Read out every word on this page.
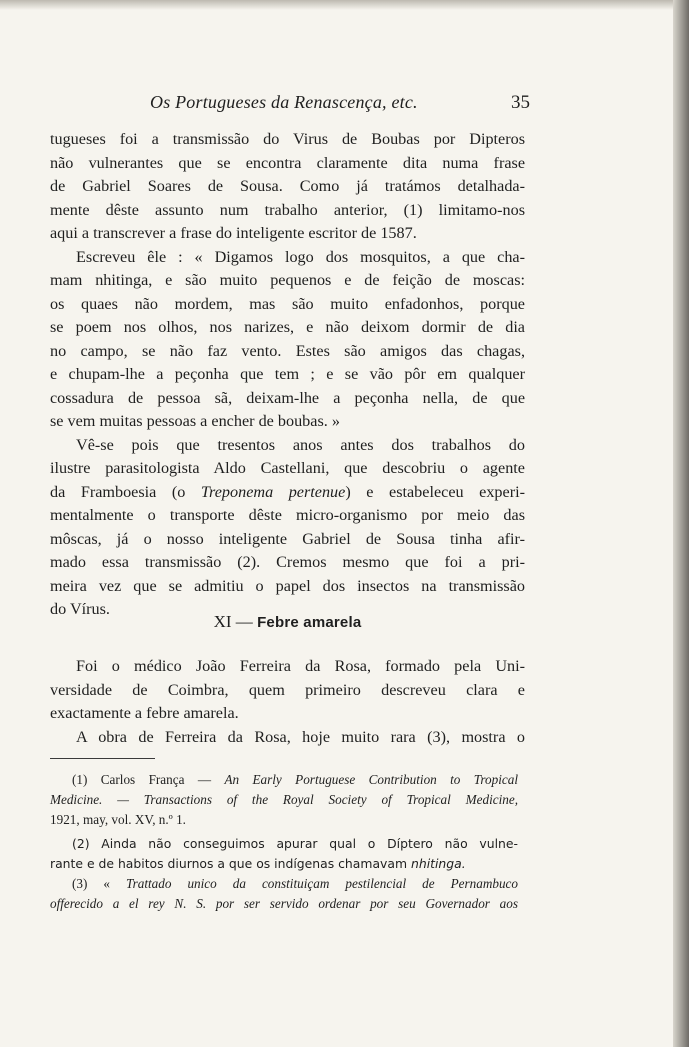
Os Portugueses da Renascença, etc.	35
tugueses foi a transmissão do Virus de Boubas por Dipteros
não vulnerantes que se encontra claramente dita numa frase
de Gabriel Soares de Sousa. Como já tratámos detalhada-
mente dêste assunto num trabalho anterior, (1) limitamo-nos
aqui a transcrever a frase do inteligente escritor de 1587.
Escreveu êle : « Digamos logo dos mosquitos, a que cha-
mam nhitinga, e são muito pequenos e de feição de moscas:
os quaes não mordem, mas são muito enfadonhos, porque
se poem nos olhos, nos narizes, e não deixom dormir de dia
no campo, se não faz vento. Estes são amigos das chagas,
e chupam-lhe a peçonha que tem ; e se vão pôr em qualquer
cossadura de pessoa sã, deixam-lhe a peçonha nella, de que
se vem muitas pessoas a encher de boubas. »
Vê-se pois que tresentos anos antes dos trabalhos do
ilustre parasitologista Aldo Castellani, que descobriu o agente
da Framboesia (o Treponema pertenue) e estabeleceu experi-
mentalmente o transporte dêste micro-organismo por meio das
môscas, já o nosso inteligente Gabriel de Sousa tinha afir-
mado essa transmissão (2). Cremos mesmo que foi a pri-
meira vez que se admitiu o papel dos insectos na transmissão
do Vírus.
XI — Febre amarela
Foi o médico João Ferreira da Rosa, formado pela Uni-
versidade de Coimbra, quem primeiro descreveu clara e
exactamente a febre amarela.
A obra de Ferreira da Rosa, hoje muito rara (3), mostra o
(1) Carlos França — An Early Portuguese Contribution to Tropical
Medicine. — Transactions of the Royal Society of Tropical Medicine,
1921, may, vol. XV, n.º 1.
(2) Ainda não conseguimos apurar qual o Díptero não vulne-
rante e de habitos diurnos a que os indígenas chamavam nhitinga.
(3) « Trattado unico da constituiçam pestilencial de Pernambuco
offerecido a el rey N. S. por ser servido ordenar por seu Governador aos
